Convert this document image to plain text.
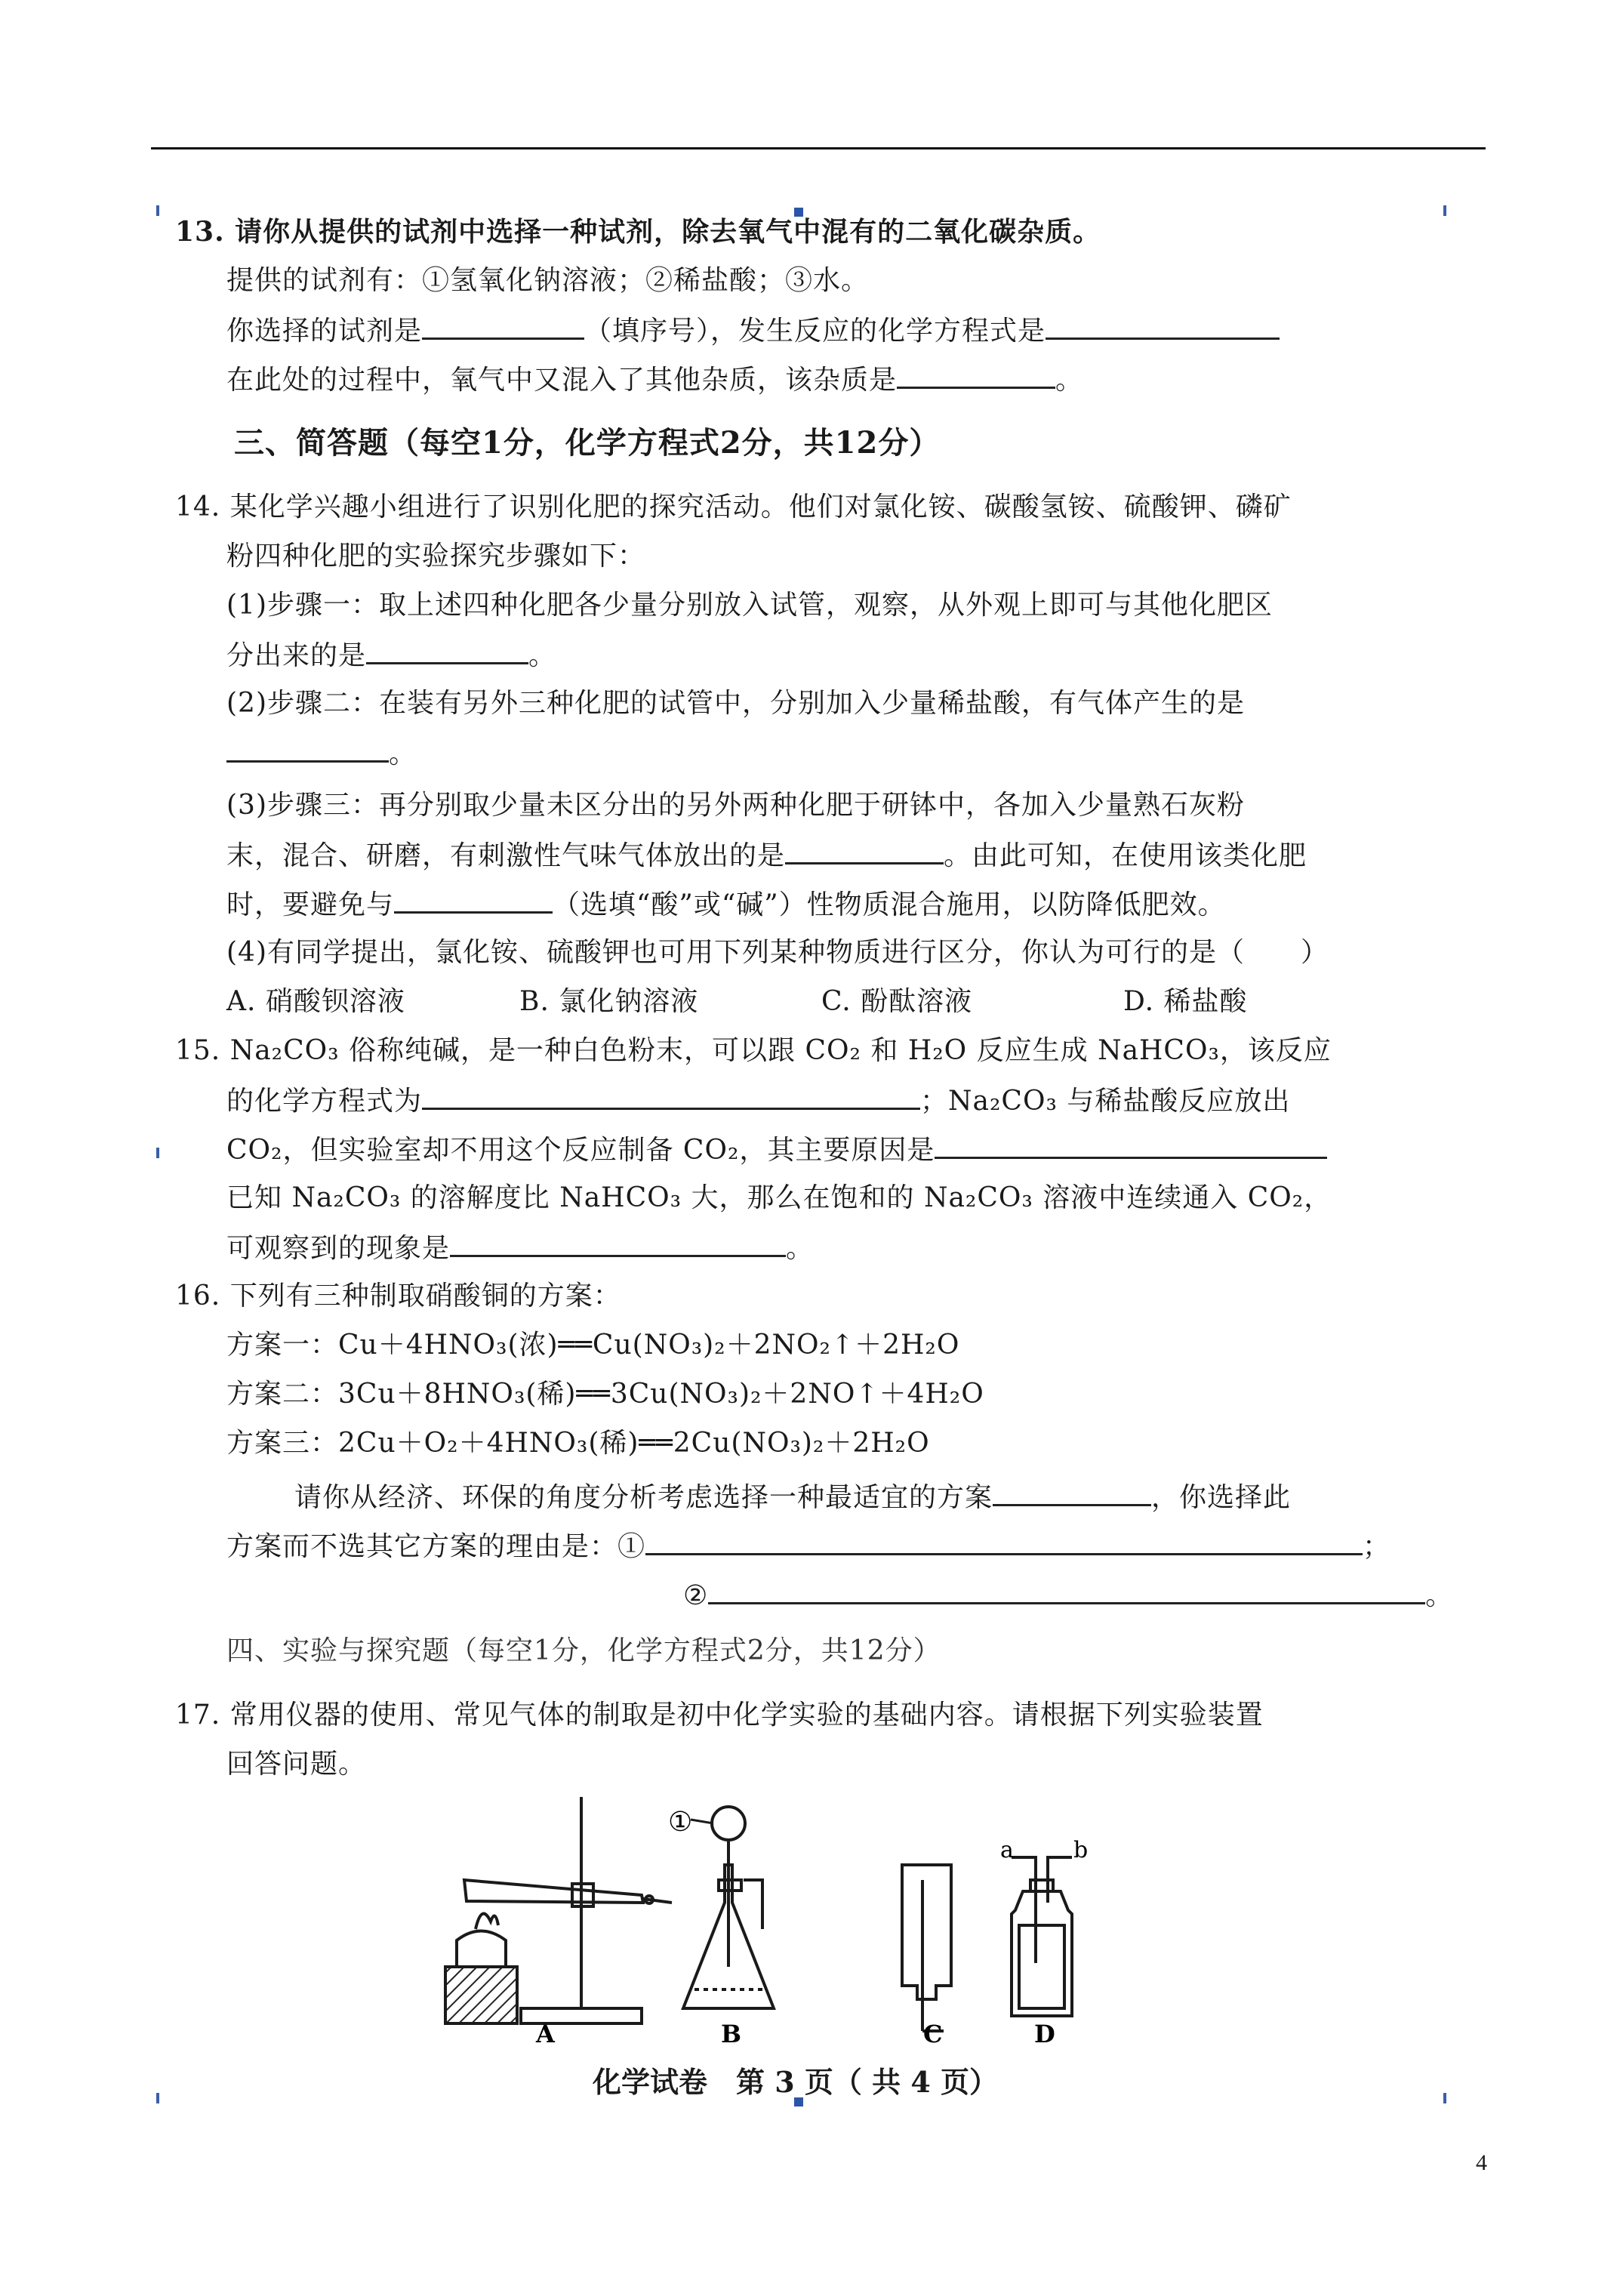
13. 请你从提供的试剂中选择一种试剂，除去氧气中混有的二氧化碳杂质。
提供的试剂有：①氢氧化钠溶液；②稀盐酸；③水。
你选择的试剂是	（填序号），发生反应的化学方程式是
在此处的过程中，氧气中又混入了其他杂质，该杂质是	。
三、简答题（每空1分，化学方程式2分，共12分）
14. 某化学兴趣小组进行了识别化肥的探究活动。他们对氯化铵、碳酸氢铵、硫酸钾、磷矿
粉四种化肥的实验探究步骤如下：
(1)步骤一：取上述四种化肥各少量分别放入试管，观察，从外观上即可与其他化肥区
分出来的是	。
(2)步骤二：在装有另外三种化肥的试管中，分别加入少量稀盐酸，有气体产生的是
。
(3)步骤三：再分别取少量未区分出的另外两种化肥于研钵中，各加入少量熟石灰粉
末，混合、研磨，有刺激性气味气体放出的是	。由此可知，在使用该类化肥
时，要避免与	（选填“酸”或“碱”）性物质混合施用，以防降低肥效。
(4)有同学提出，氯化铵、硫酸钾也可用下列某种物质进行区分，你认为可行的是（　　）
A. 硝酸钡溶液	B. 氯化钠溶液	C. 酚酞溶液	D. 稀盐酸
15. Na₂CO₃ 俗称纯碱，是一种白色粉末，可以跟 CO₂ 和 H₂O 反应生成 NaHCO₃，该反应
的化学方程式为	；Na₂CO₃ 与稀盐酸反应放出
CO₂，但实验室却不用这个反应制备 CO₂，其主要原因是
已知 Na₂CO₃ 的溶解度比 NaHCO₃ 大，那么在饱和的 Na₂CO₃ 溶液中连续通入 CO₂，
可观察到的现象是	。
16. 下列有三种制取硝酸铜的方案：
方案一：Cu＋4HNO₃(浓)══Cu(NO₃)₂＋2NO₂↑＋2H₂O
方案二：3Cu＋8HNO₃(稀)══3Cu(NO₃)₂＋2NO↑＋4H₂O
方案三：2Cu＋O₂＋4HNO₃(稀)══2Cu(NO₃)₂＋2H₂O
请你从经济、环保的角度分析考虑选择一种最适宜的方案	，你选择此
方案而不选其它方案的理由是：①	；
②	。
四、实验与探究题（每空1分，化学方程式2分，共12分）
17. 常用仪器的使用、常见气体的制取是初中化学实验的基础内容。请根据下列实验装置
回答问题。
①
a	b
A	B	C	D
化学试卷　第 3 页（ 共 4 页）
4
